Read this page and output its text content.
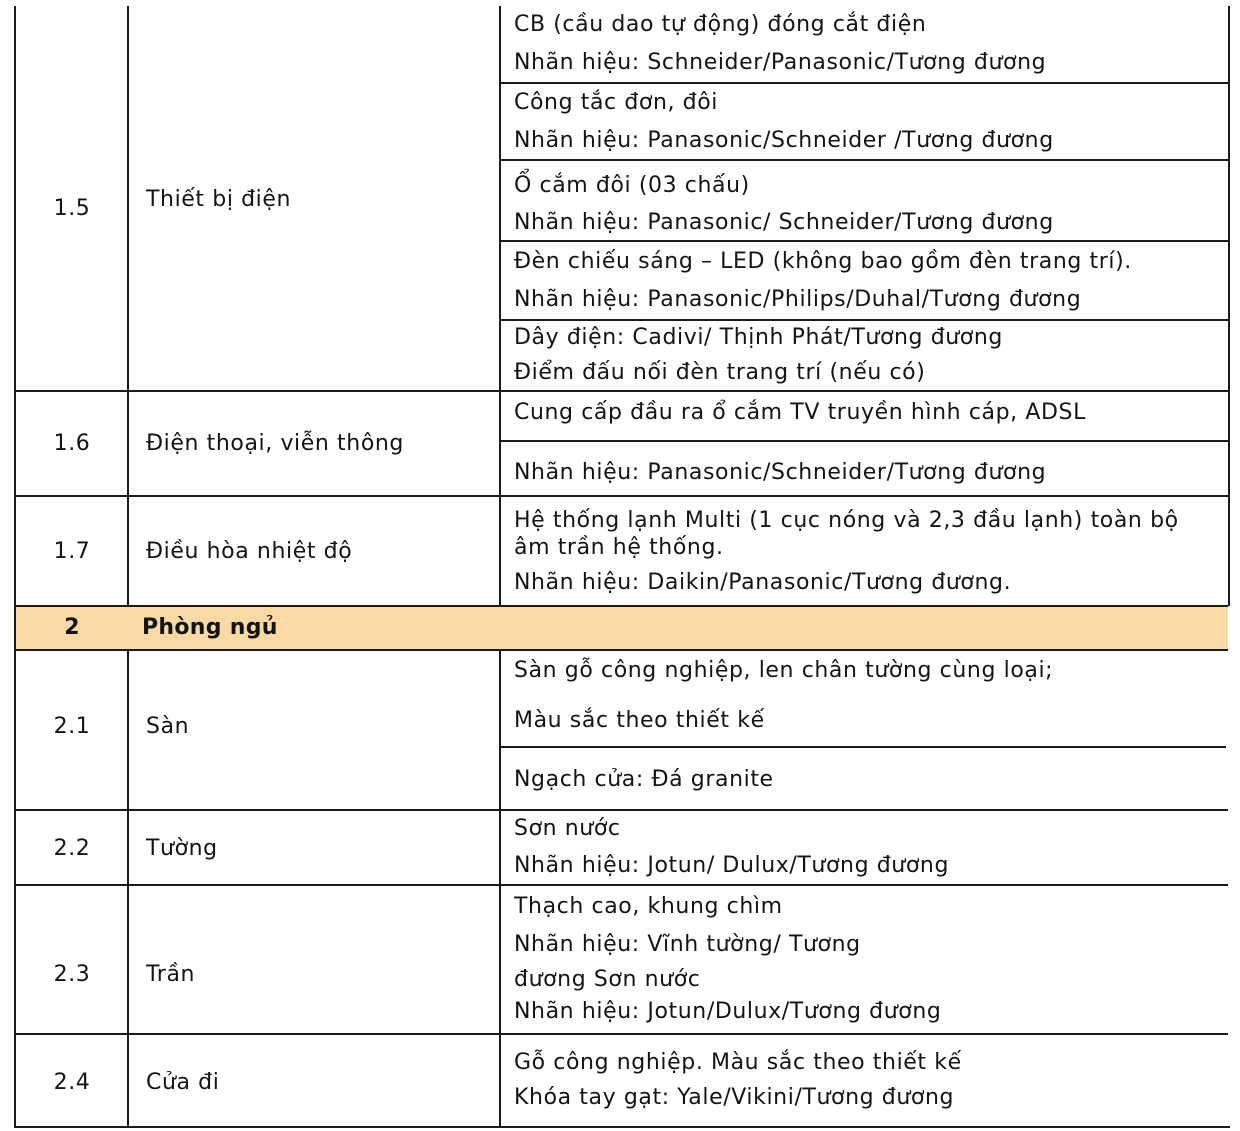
1.5	Thiết bị điện
CB (cầu dao tự động) đóng cắt điện
Nhãn hiệu: Schneider/Panasonic/Tương đương
Công tắc đơn, đôi
Nhãn hiệu: Panasonic/Schneider /Tương đương
Ổ cắm đôi (03 chấu)
Nhãn hiệu: Panasonic/ Schneider/Tương đương
Đèn chiếu sáng – LED (không bao gồm đèn trang trí).
Nhãn hiệu: Panasonic/Philips/Duhal/Tương đương
Dây điện: Cadivi/ Thịnh Phát/Tương đương
Điểm đấu nối đèn trang trí (nếu có)
1.6	Điện thoại, viễn thông
Cung cấp đầu ra ổ cắm TV truyền hình cáp, ADSL
Nhãn hiệu: Panasonic/Schneider/Tương đương
1.7	Điều hòa nhiệt độ
Hệ thống lạnh Multi (1 cục nóng và 2,3 đầu lạnh) toàn bộ âm trần hệ thống.
Nhãn hiệu: Daikin/Panasonic/Tương đương.
2	Phòng ngủ
2.1	Sàn
Sàn gỗ công nghiệp, len chân tường cùng loại;
Màu sắc theo thiết kế
Ngạch cửa: Đá granite
2.2	Tường
Sơn nước
Nhãn hiệu: Jotun/ Dulux/Tương đương
2.3	Trần
Thạch cao, khung chìm
Nhãn hiệu: Vĩnh tường/ Tương
đương Sơn nước
Nhãn hiệu: Jotun/Dulux/Tương đương
2.4	Cửa đi
Gỗ công nghiệp. Màu sắc theo thiết kế
Khóa tay gạt: Yale/Vikini/Tương đương
